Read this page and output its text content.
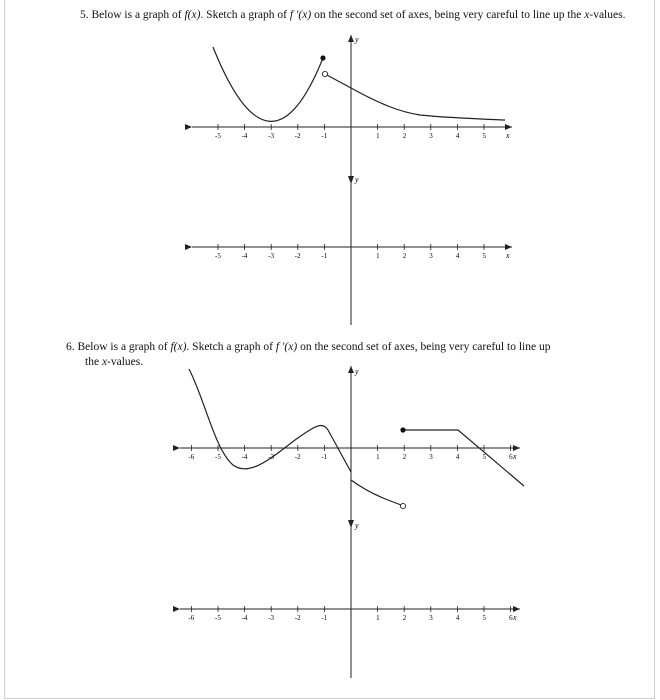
5. Below is a graph of f(x). Sketch a graph of f ′(x) on the second set of axes, being very careful to line up the x-values.
6. Below is a graph of f(x). Sketch a graph of f ′(x) on the second set of axes, being very careful to line up
the x-values.
-5	-4	-3	-2	-1	1	2	3	4	5
y
x
-5	-4	-3	-2	-1	1	2	3	4	5
y
x
-6	-5	-4	-3	-2	-1	1	2	3	4	5	6
y
x
-6	-5	-4	-3	-2	-1	1	2	3	4	5	6
y
x
